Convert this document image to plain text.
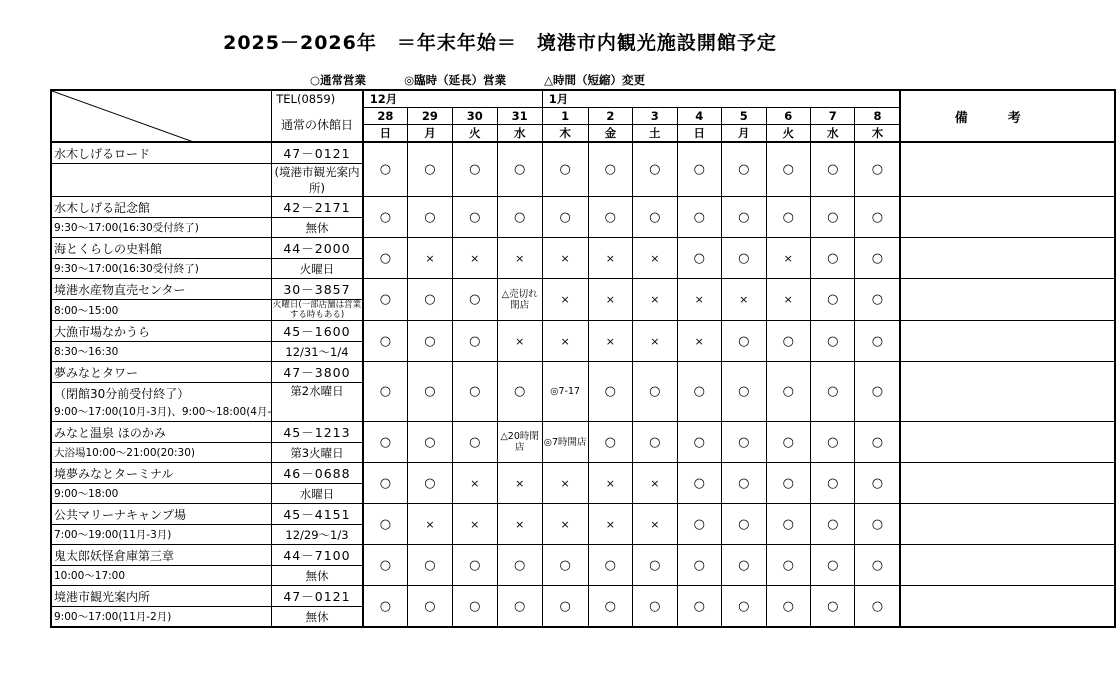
2025－2026年　＝年末年始＝　境港市内観光施設開館予定
○通常営業	◎臨時（延長）営業	△時間（短縮）変更
	TEL(0859)	12月				1月								備考
	通常の休館日	28	29	30	31	1	2	3	4	5	6	7	8	
		日	月	火	水	木	金	土	日	月	火	水	木	
水木しげるロード	47－0121	○	○	○	○	○	○	○	○	○	○	○	○	
	(境港市観光案内所)													
水木しげる記念館	42－2171	○	○	○	○	○	○	○	○	○	○	○	○	
9:30～17:00(16:30受付終了)	無休													
海とくらしの史料館	44－2000	○	×	×	×	×	×	×	○	○	×	○	○	
9:30～17:00(16:30受付終了)	火曜日													
境港水産物直売センター	30－3857	○	○	○	△売切れ閉店	×	×	×	×	×	×	○	○	
8:00～15:00	火曜日(一部店舗は営業する時もある)													
大漁市場なかうら	45－1600	○	○	○	×	×	×	×	×	○	○	○	○	
8:30～16:30	12/31～1/4													
夢みなとタワー	47－3800	○	○	○	○	◎7-17	○	○	○	○	○	○	○	

（閉館30分前受付終了）
9:00～17:00(10月-3月)、9:00～18:00(4月-	第2水曜日													
みなと温泉 ほのかみ	45－1213	○	○	○	△20時閉店	◎7時開店	○	○	○	○	○	○	○	
大浴場10:00～21:00(20:30)	第3火曜日													
境夢みなとターミナル	46－0688	○	○	×	×	×	×	×	○	○	○	○	○	
9:00～18:00	水曜日													
公共マリーナキャンプ場	45－4151	○	×	×	×	×	×	×	○	○	○	○	○	
7:00～19:00(11月-3月)	12/29～1/3													
鬼太郎妖怪倉庫第三章	44－7100	○	○	○	○	○	○	○	○	○	○	○	○	
10:00～17:00	無休													
境港市観光案内所	47－0121	○	○	○	○	○	○	○	○	○	○	○	○	
9:00～17:00(11月-2月)	無休													
